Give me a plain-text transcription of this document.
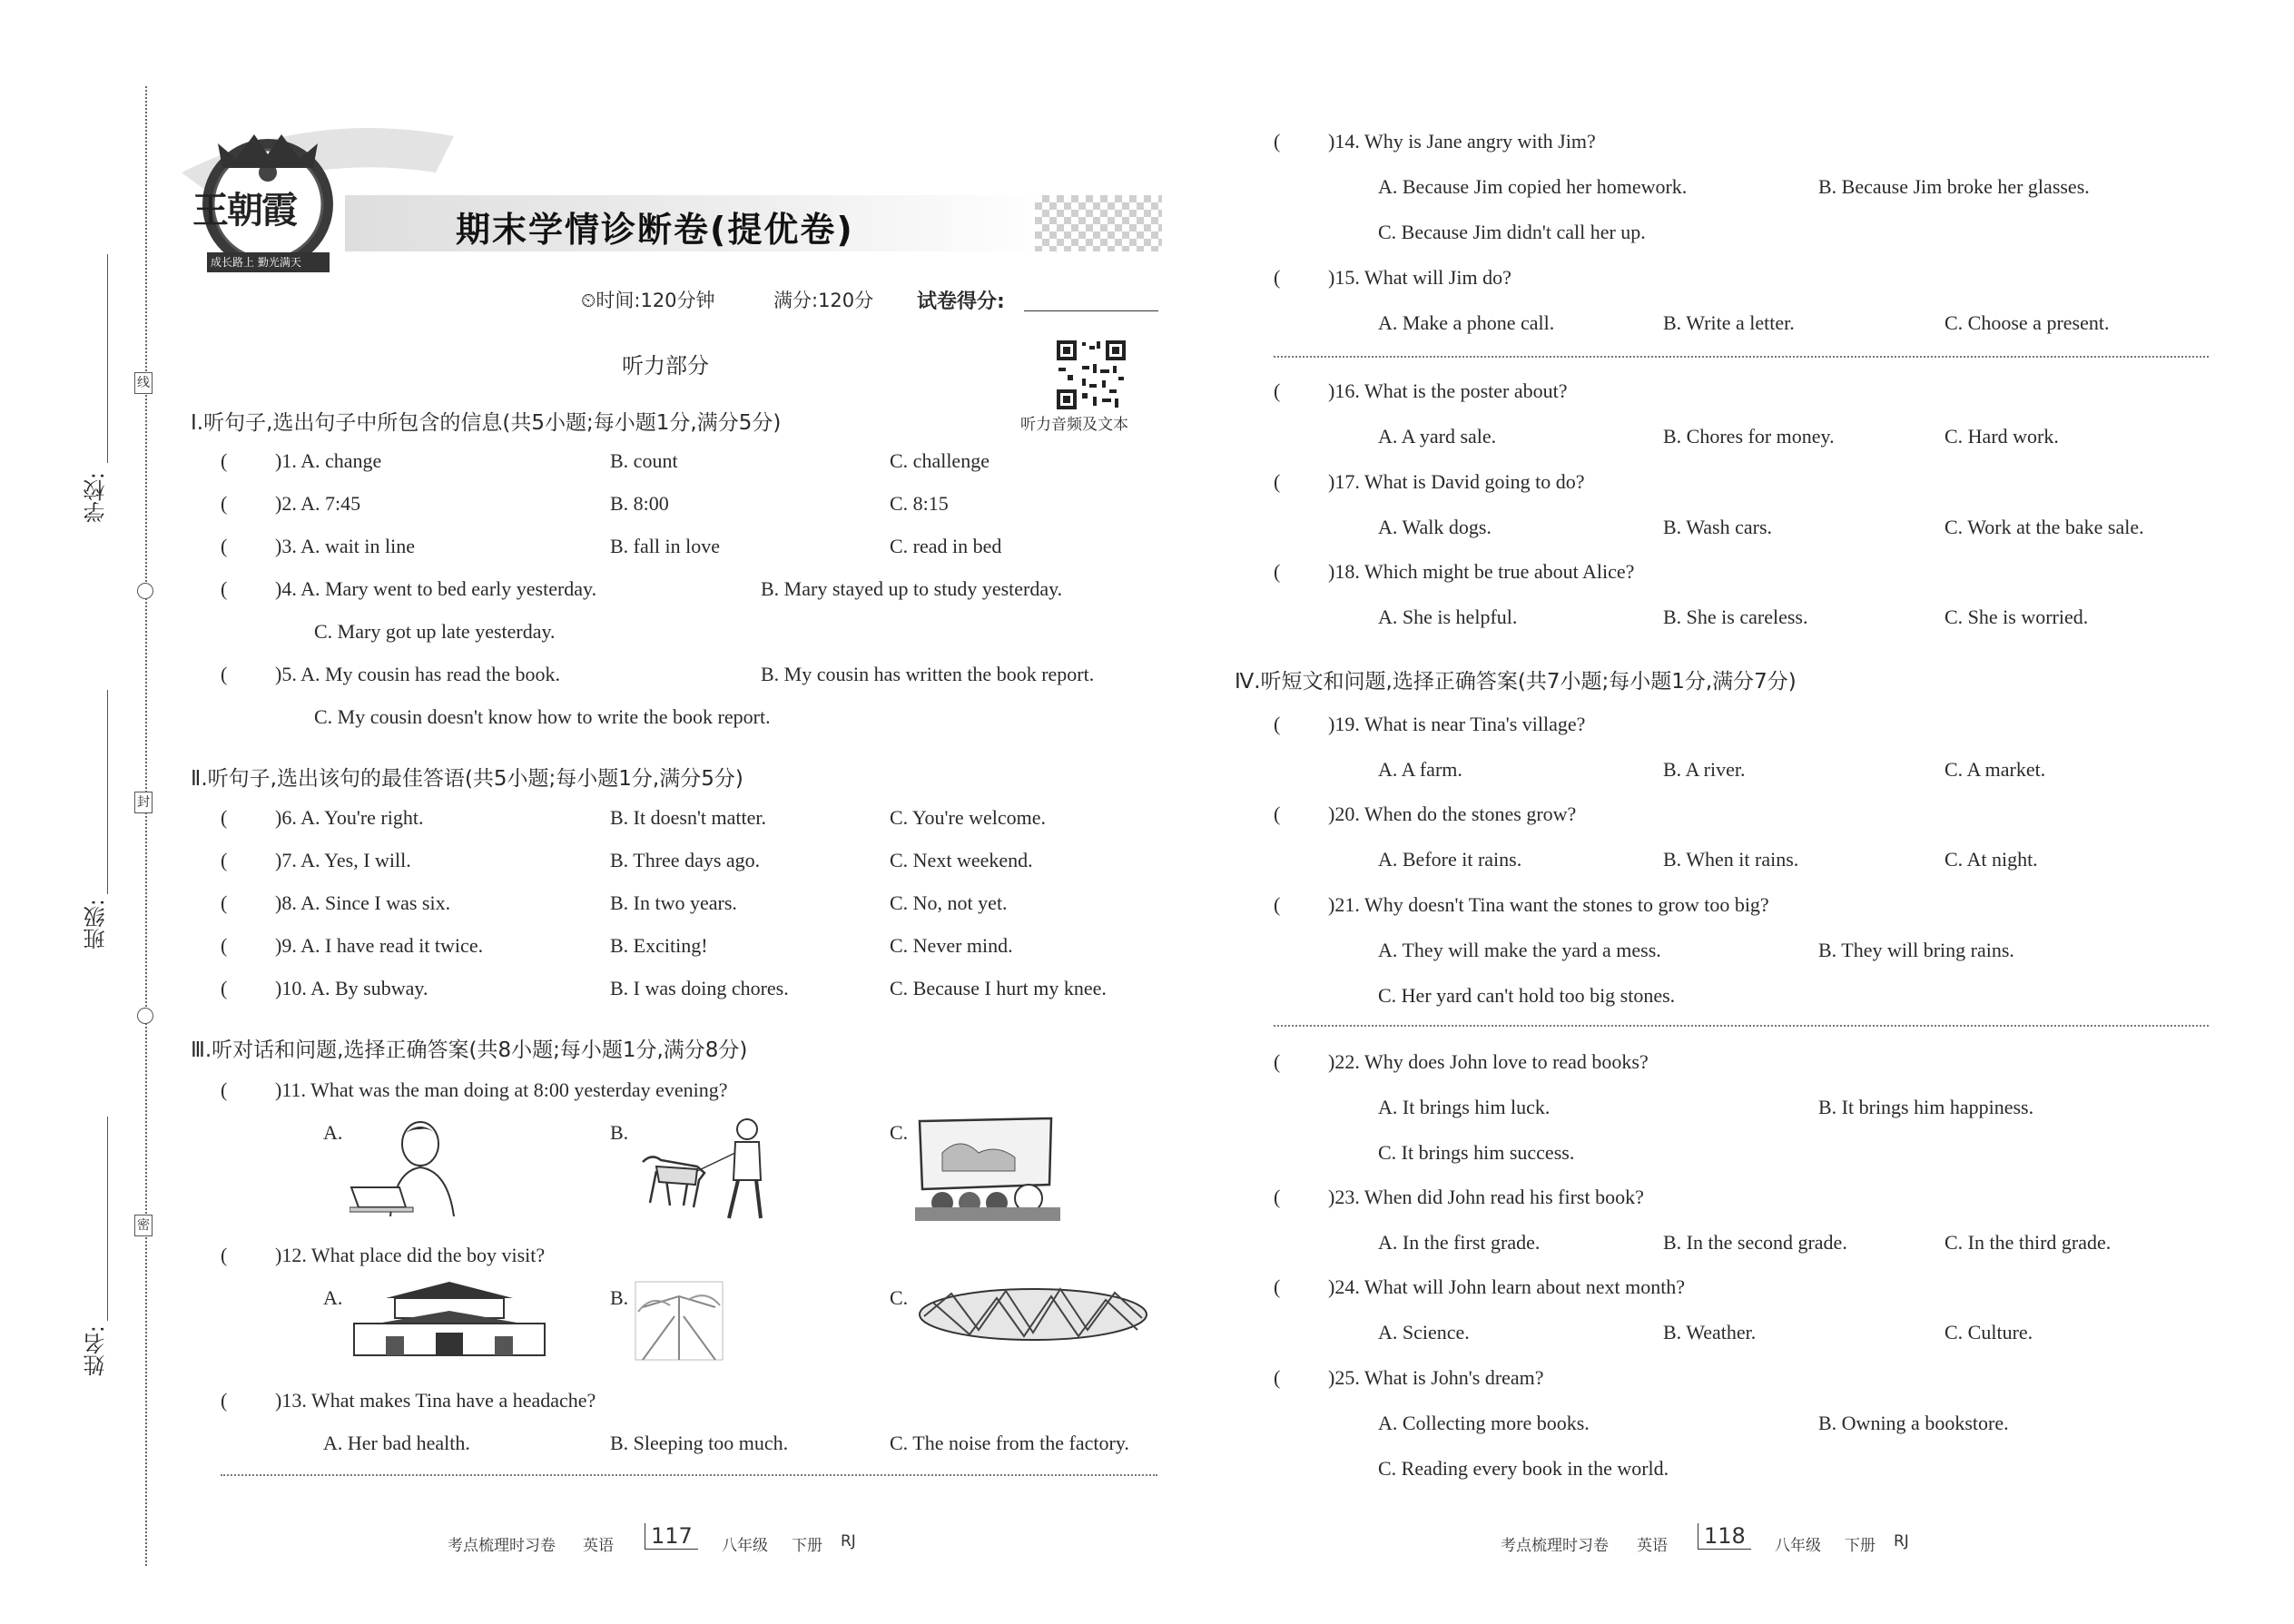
线
封
密
学校:
班级:
姓名:
王朝霞
成长路上 勤光满天
期末学情诊断卷(提优卷)
⏲时间:120分钟	满分:120分 试卷得分:
听力部分
听力音频及文本
Ⅰ.听句子,选出句子中所包含的信息(共5小题;每小题1分,满分5分)
( )1. A. change	B. count	C. challenge
( )2. A. 7:45	B. 8:00	C. 8:15
( )3. A. wait in line	B. fall in love	C. read in bed
( )4. A. Mary went to bed early yesterday.	B. Mary stayed up to study yesterday.
C. Mary got up late yesterday.
( )5. A. My cousin has read the book.	B. My cousin has written the book report.
C. My cousin doesn't know how to write the book report.
Ⅱ.听句子,选出该句的最佳答语(共5小题;每小题1分,满分5分)
( )6. A. You're right.	B. It doesn't matter.	C. You're welcome.
( )7. A. Yes, I will.	B. Three days ago.	C. Next weekend.
( )8. A. Since I was six.	B. In two years.	C. No, not yet.
( )9. A. I have read it twice.	B. Exciting!	C. Never mind.
( )10. A. By subway.	B. I was doing chores.	C. Because I hurt my knee.
Ⅲ.听对话和问题,选择正确答案(共8小题;每小题1分,满分8分)
( )11. What was the man doing at 8:00 yesterday evening?
A.	B.	C.
( )12. What place did the boy visit?
A.	B.	C.
( )13. What makes Tina have a headache?
A. Her bad health.	B. Sleeping too much.	C. The noise from the factory.
考点梳理时习卷 英语 117	八年级 下册 RJ
( )14. Why is Jane angry with Jim?
A. Because Jim copied her homework.	B. Because Jim broke her glasses.
C. Because Jim didn't call her up.
( )15. What will Jim do?
A. Make a phone call.	B. Write a letter.	C. Choose a present.
( )16. What is the poster about?
A. A yard sale.	B. Chores for money.	C. Hard work.
( )17. What is David going to do?
A. Walk dogs.	B. Wash cars.	C. Work at the bake sale.
( )18. Which might be true about Alice?
A. She is helpful.	B. She is careless.	C. She is worried.
Ⅳ.听短文和问题,选择正确答案(共7小题;每小题1分,满分7分)
( )19. What is near Tina's village?
A. A farm.	B. A river.	C. A market.
( )20. When do the stones grow?
A. Before it rains.	B. When it rains.	C. At night.
( )21. Why doesn't Tina want the stones to grow too big?
A. They will make the yard a mess.	B. They will bring rains.
C. Her yard can't hold too big stones.
( )22. Why does John love to read books?
A. It brings him luck.	B. It brings him happiness.
C. It brings him success.
( )23. When did John read his first book?
A. In the first grade.	B. In the second grade.	C. In the third grade.
( )24. What will John learn about next month?
A. Science.	B. Weather.	C. Culture.
( )25. What is John's dream?
A. Collecting more books.	B. Owning a bookstore.
C. Reading every book in the world.
考点梳理时习卷 英语 118	八年级 下册 RJ
